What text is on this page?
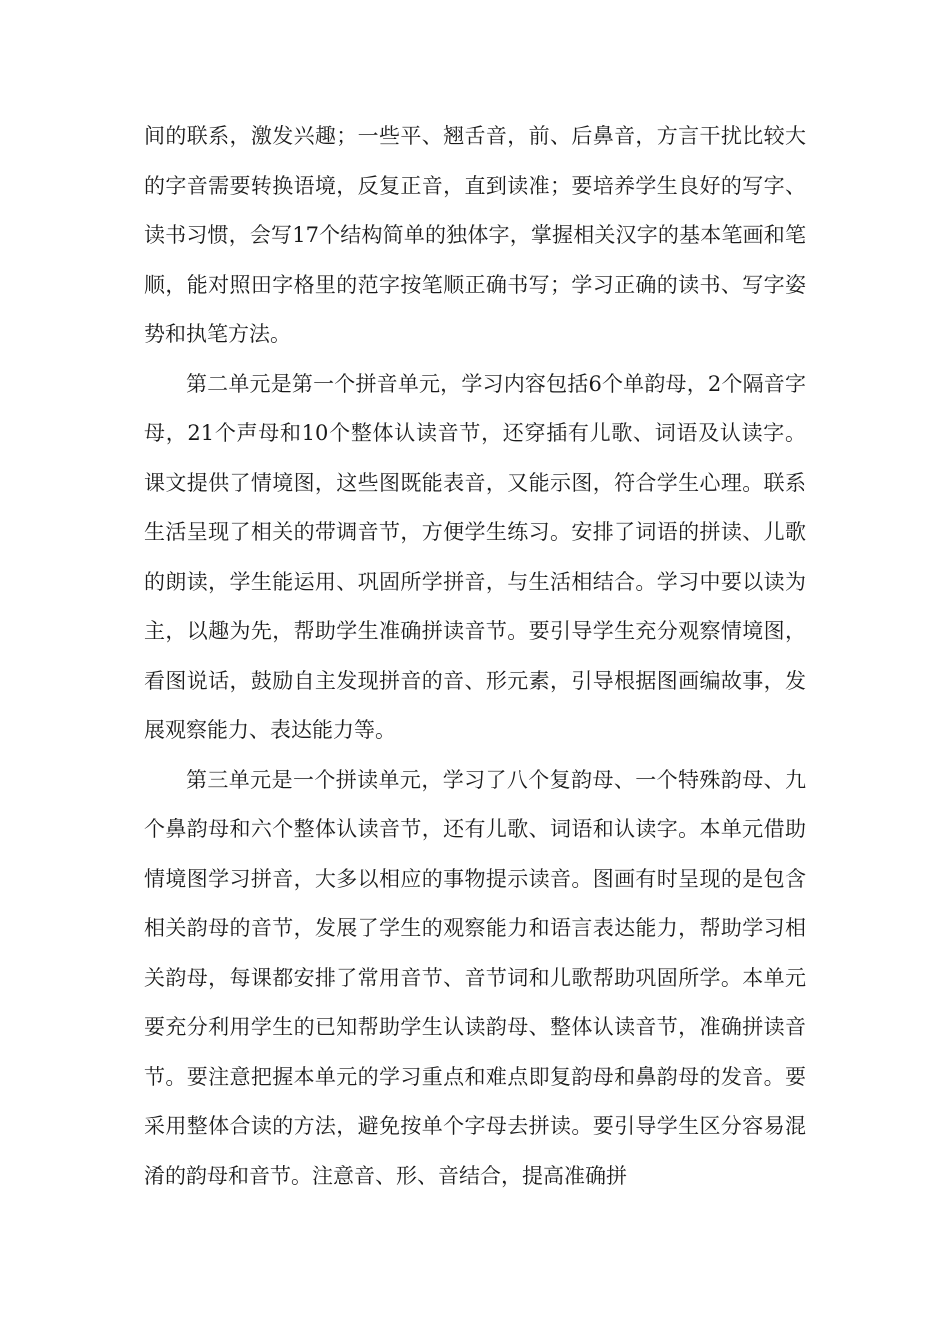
间的联系，激发兴趣；一些平、翘舌音，前、后鼻音，方言干扰比较大的字音需要转换语境，反复正音，直到读准；要培养学生良好的写字、读书习惯，会写17个结构简单的独体字，掌握相关汉字的基本笔画和笔顺，能对照田字格里的范字按笔顺正确书写；学习正确的读书、写字姿势和执笔方法。

第二单元是第一个拼音单元，学习内容包括6个单韵母，2个隔音字母，21个声母和10个整体认读音节，还穿插有儿歌、词语及认读字。课文提供了情境图，这些图既能表音，又能示图，符合学生心理。联系生活呈现了相关的带调音节，方便学生练习。安排了词语的拼读、儿歌的朗读，学生能运用、巩固所学拼音，与生活相结合。学习中要以读为主，以趣为先，帮助学生准确拼读音节。要引导学生充分观察情境图，看图说话，鼓励自主发现拼音的音、形元素，引导根据图画编故事，发展观察能力、表达能力等。

第三单元是一个拼读单元，学习了八个复韵母、一个特殊韵母、九个鼻韵母和六个整体认读音节，还有儿歌、词语和认读字。本单元借助情境图学习拼音，大多以相应的事物提示读音。图画有时呈现的是包含相关韵母的音节，发展了学生的观察能力和语言表达能力，帮助学习相关韵母，每课都安排了常用音节、音节词和儿歌帮助巩固所学。本单元要充分利用学生的已知帮助学生认读韵母、整体认读音节，准确拼读音节。要注意把握本单元的学习重点和难点即复韵母和鼻韵母的发音。要采用整体合读的方法，避免按单个字母去拼读。要引导学生区分容易混淆的韵母和音节。注意音、形、音结合，提高准确拼
